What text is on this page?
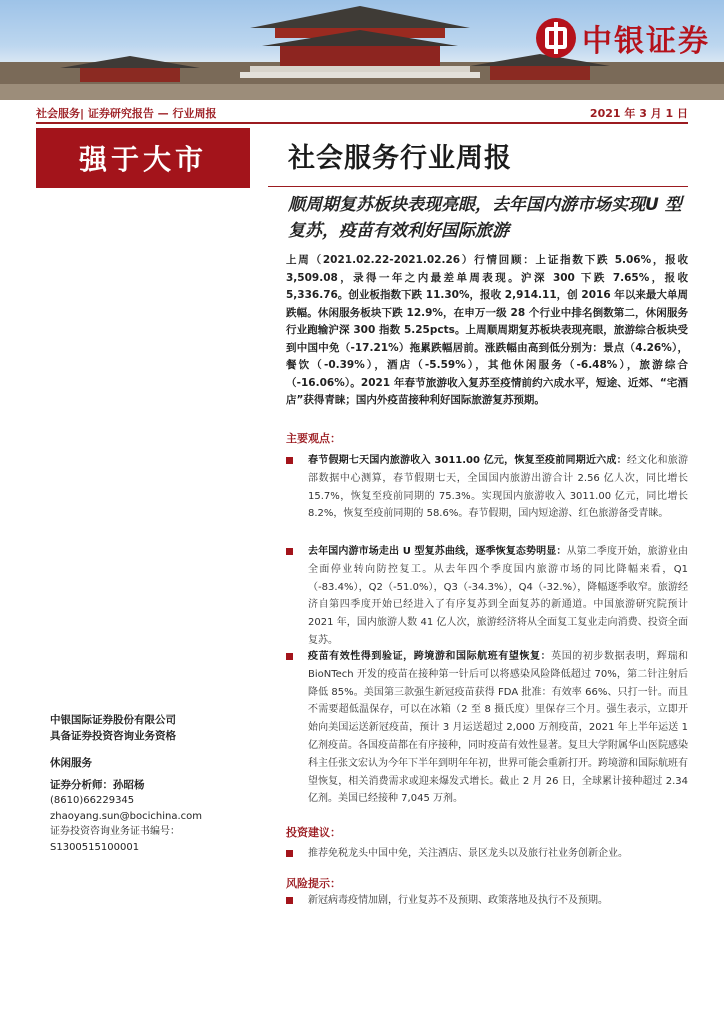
中银证券
社会服务| 证券研究报告 — 行业周报	2021 年 3 月 1 日
强于大市	社会服务行业周报
顺周期复苏板块表现亮眼，去年国内游市场实现U 型复苏，疫苗有效利好国际旅游
上周（2021.02.22-2021.02.26）行情回顾：上证指数下跌 5.06%，报收 3,509.08，录得一年之内最差单周表现。沪深 300 下跌 7.65%，报收 5,336.76。创业板指数下跌 11.30%，报收 2,914.11，创 2016 年以来最大单周跌幅。休闲服务板块下跌 12.9%，在申万一级 28 个行业中排名倒数第二，休闲服务行业跑输沪深 300 指数 5.25pcts。上周顺周期复苏板块表现亮眼，旅游综合板块受到中国中免（-17.21%）拖累跌幅居前。涨跌幅由高到低分别为：景点（4.26%），餐饮（-0.39%），酒店（-5.59%），其他休闲服务（-6.48%），旅游综合（-16.06%）。2021 年春节旅游收入复苏至疫情前约六成水平，短途、近郊、“宅酒店”获得青睐；国内外疫苗接种利好国际旅游复苏预期。
主要观点：
春节假期七天国内旅游收入 3011.00 亿元，恢复至疫前同期近六成：经文化和旅游部数据中心测算，春节假期七天，全国国内旅游出游合计 2.56 亿人次，同比增长 15.7%，恢复至疫前同期的 75.3%。实现国内旅游收入 3011.00 亿元，同比增长 8.2%，恢复至疫前同期的 58.6%。春节假期，国内短途游、红色旅游备受青睐。
去年国内游市场走出 U 型复苏曲线，逐季恢复态势明显：从第二季度开始，旅游业由全面停业转向防控复工。从去年四个季度国内旅游市场的同比降幅来看，Q1（-83.4%），Q2（-51.0%），Q3（-34.3%），Q4（-32.%），降幅逐季收窄。旅游经济自第四季度开始已经进入了有序复苏到全面复苏的新通道。中国旅游研究院预计 2021 年，国内旅游人数 41 亿人次，旅游经济将从全面复工复业走向消费、投资全面复苏。
疫苗有效性得到验证，跨境游和国际航班有望恢复：英国的初步数据表明，辉瑞和 BioNTech 开发的疫苗在接种第一针后可以将感染风险降低超过 70%，第二针注射后降低 85%。美国第三款强生新冠疫苗获得 FDA 批准：有效率 66%、只打一针。而且不需要超低温保存，可以在冰箱（2 至 8 摄氏度）里保存三个月。强生表示，立即开始向美国运送新冠疫苗，预计 3 月运送超过 2,000 万剂疫苗，2021 年上半年运送 1 亿剂疫苗。各国疫苗都在有序接种，同时疫苗有效性显著。复旦大学附属华山医院感染科主任张文宏认为今年下半年到明年年初，世界可能会重新打开。跨境游和国际航班有望恢复，相关消费需求或迎来爆发式增长。截止 2 月 26 日，全球累计接种超过 2.34 亿剂。美国已经接种 7,045 万剂。
投资建议：
推荐免税龙头中国中免，关注酒店、景区龙头以及旅行社业务创新企业。
风险提示：
新冠病毒疫情加剧，行业复苏不及预期、政策落地及执行不及预期。
中银国际证券股份有限公司
具备证券投资咨询业务资格
休闲服务
证券分析师：孙昭杨
(8610)66229345
zhaoyang.sun@bocichina.com
证券投资咨询业务证书编号：S1300515100001
